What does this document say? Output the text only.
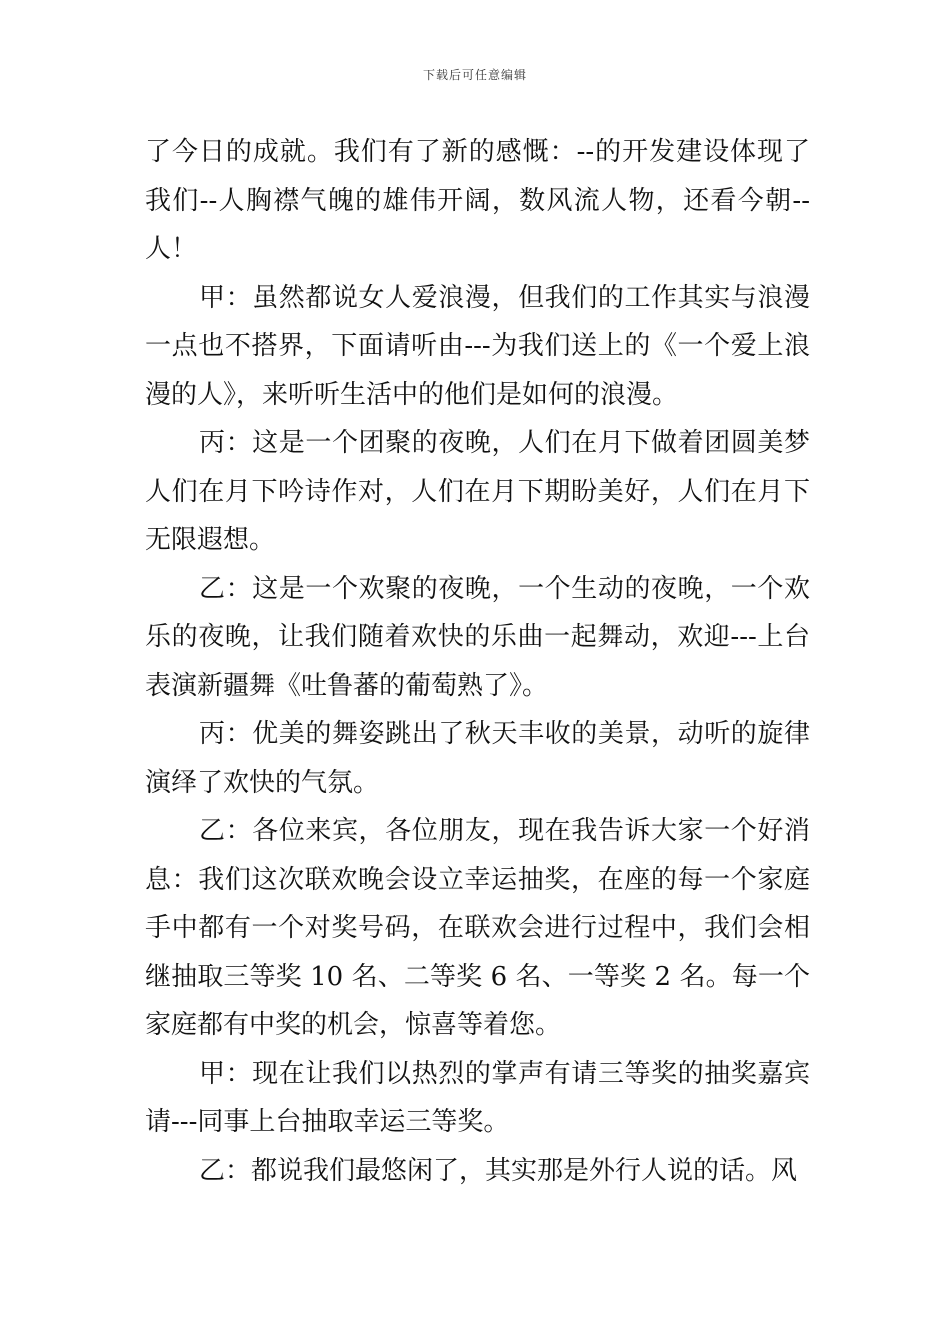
下载后可任意编辑

了今日的成就。我们有了新的感慨：--的开发建设体现了我们--人胸襟气魄的雄伟开阔，数风流人物，还看今朝--人！

甲：虽然都说女人爱浪漫，但我们的工作其实与浪漫一点也不搭界，下面请听由---为我们送上的《一个爱上浪漫的人》，来听听生活中的他们是如何的浪漫。

丙：这是一个团聚的夜晚，人们在月下做着团圆美梦人们在月下吟诗作对，人们在月下期盼美好，人们在月下无限遐想。

乙：这是一个欢聚的夜晚，一个生动的夜晚，一个欢乐的夜晚，让我们随着欢快的乐曲一起舞动，欢迎---上台表演新疆舞《吐鲁蕃的葡萄熟了》。

丙：优美的舞姿跳出了秋天丰收的美景，动听的旋律演绎了欢快的气氛。

乙：各位来宾，各位朋友，现在我告诉大家一个好消息：我们这次联欢晚会设立幸运抽奖，在座的每一个家庭手中都有一个对奖号码，在联欢会进行过程中，我们会相继抽取三等奖 10 名、二等奖 6 名、一等奖 2 名。每一个家庭都有中奖的机会，惊喜等着您。

甲：现在让我们以热烈的掌声有请三等奖的抽奖嘉宾请---同事上台抽取幸运三等奖。

乙：都说我们最悠闲了，其实那是外行人说的话。风
